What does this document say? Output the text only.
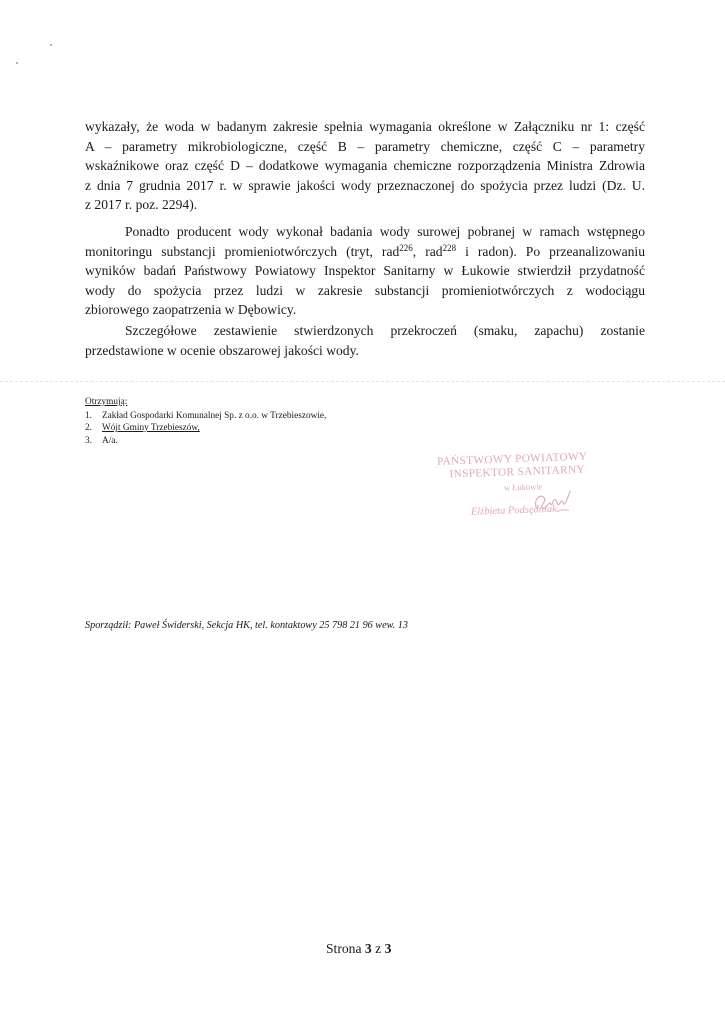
wykazały, że woda w badanym zakresie spełnia wymagania określone w Załączniku nr 1: część
A – parametry mikrobiologiczne, część B – parametry chemiczne, część C – parametry
wskaźnikowe oraz część D – dodatkowe wymagania chemiczne rozporządzenia Ministra Zdrowia
z dnia 7 grudnia 2017 r. w sprawie jakości wody przeznaczonej do spożycia przez ludzi (Dz. U.
z 2017 r. poz. 2294).
Ponadto producent wody wykonał badania wody surowej pobranej w ramach wstępnego
monitoringu substancji promieniotwórczych (tryt, rad$^{226}$, rad$^{228}$ i radon). Po przeanalizowaniu
wyników badań Państwowy Powiatowy Inspektor Sanitarny w Łukowie stwierdził przydatność
wody do spożycia przez ludzi w zakresie substancji promieniotwórczych z wodociągu
zbiorowego zaopatrzenia w Dębowicy.
Szczegółowe zestawienie stwierdzonych przekroczeń (smaku, zapachu) zostanie
przedstawione w ocenie obszarowej jakości wody.
Otrzymują:
1.	Zakład Gospodarki Komunalnej Sp. z o.o. w Trzebieszowie,
2.	Wójt Gminy Trzebieszów,
3.	A/a.
PAŃSTWOWY POWIATOWY
INSPEKTOR SANITARNY
w Łukowie
Elżbieta Podsędniak
Sporządził: Paweł Świderski, Sekcja HK, tel. kontaktowy 25 798 21 96 wew. 13
Strona 3 z 3
